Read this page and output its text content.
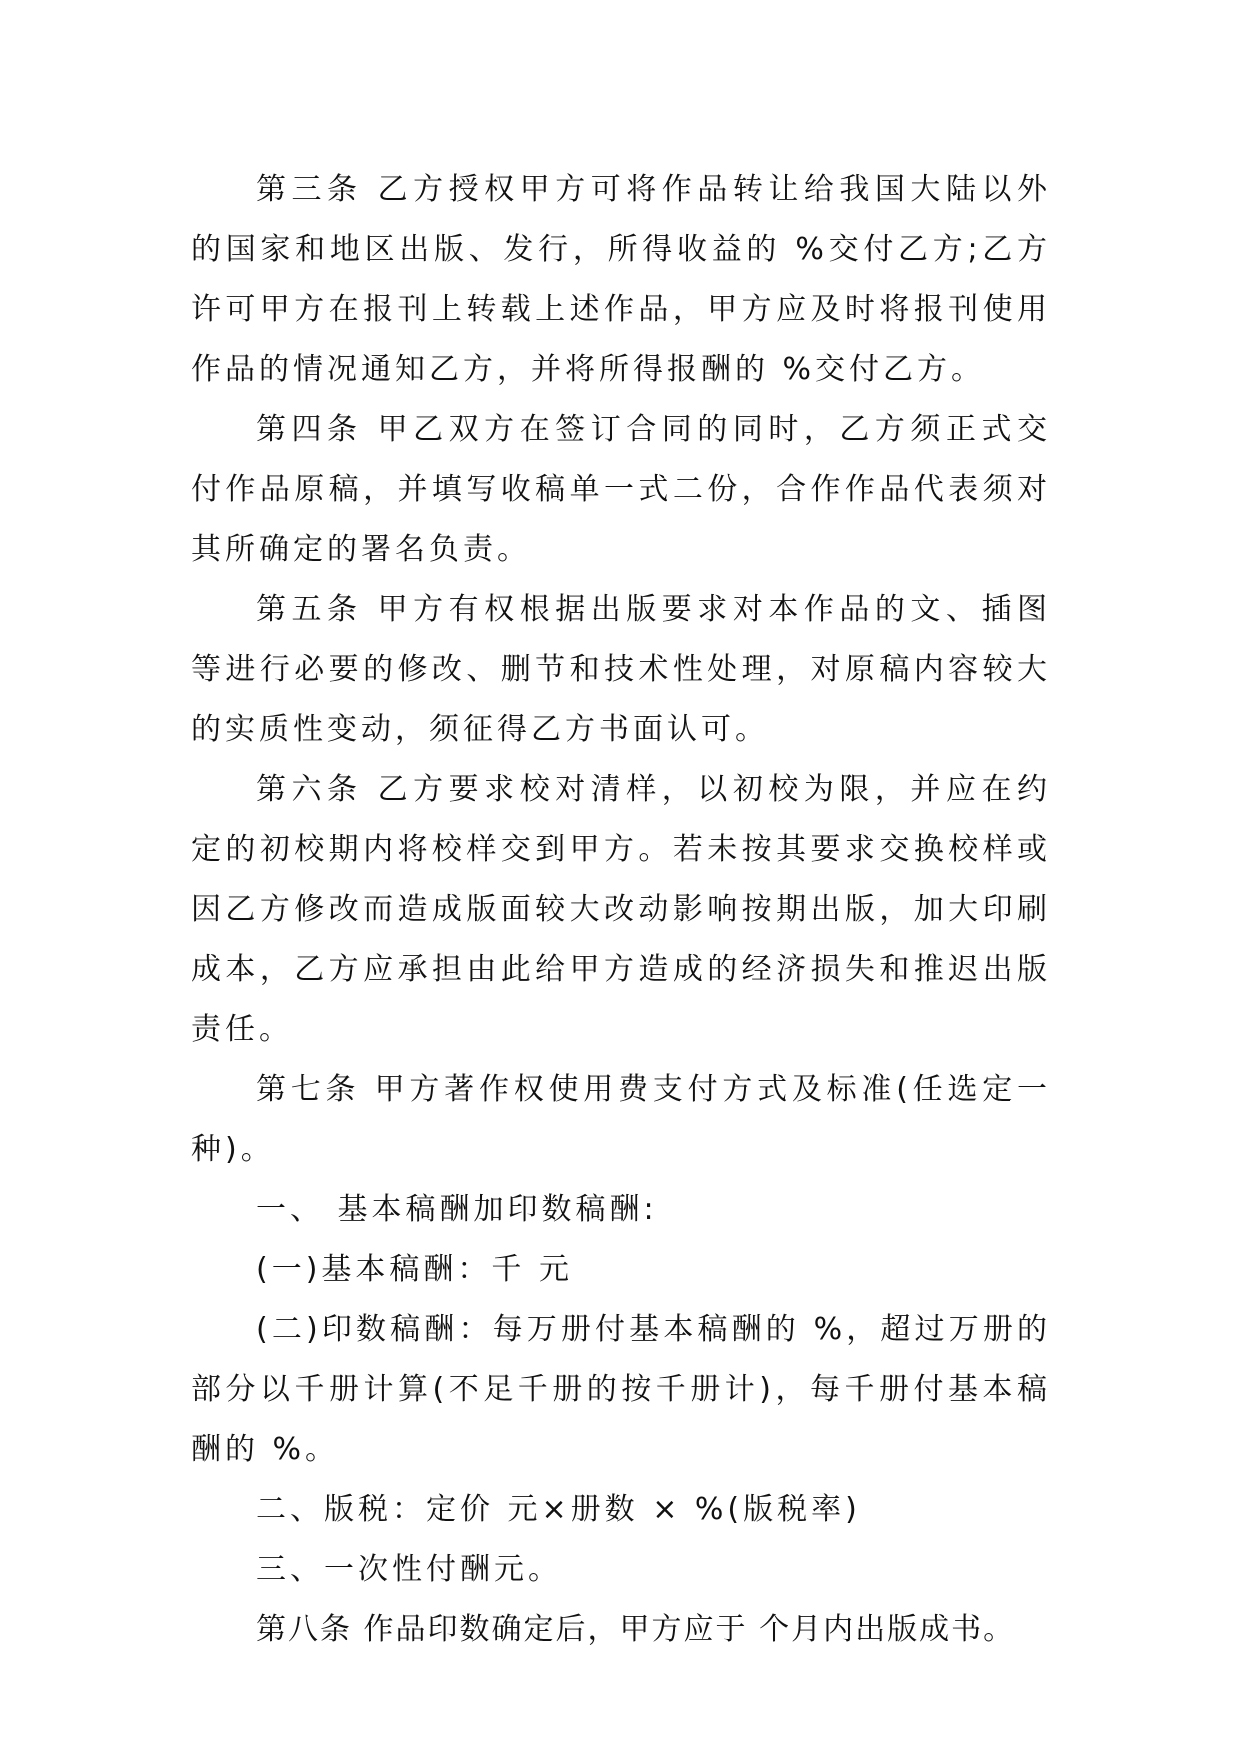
第三条 乙方授权甲方可将作品转让给我国大陆以外的国家和地区出版、发行，所得收益的 %交付乙方;乙方许可甲方在报刊上转载上述作品，甲方应及时将报刊使用作品的情况通知乙方，并将所得报酬的 %交付乙方。

第四条 甲乙双方在签订合同的同时，乙方须正式交付作品原稿，并填写收稿单一式二份，合作作品代表须对其所确定的署名负责。

第五条 甲方有权根据出版要求对本作品的文、插图等进行必要的修改、删节和技术性处理，对原稿内容较大的实质性变动，须征得乙方书面认可。

第六条 乙方要求校对清样，以初校为限，并应在约定的初校期内将校样交到甲方。若未按其要求交换校样或因乙方修改而造成版面较大改动影响按期出版，加大印刷成本，乙方应承担由此给甲方造成的经济损失和推迟出版责任。

第七条 甲方著作权使用费支付方式及标准(任选定一种)。

一、 基本稿酬加印数稿酬:

(一)基本稿酬：千 元

(二)印数稿酬：每万册付基本稿酬的 %，超过万册的部分以千册计算(不足千册的按千册计)，每千册付基本稿酬的 %。

二、版税：定价 元×册数 × %(版税率)

三、一次性付酬元。

第八条 作品印数确定后，甲方应于 个月内出版成书。
